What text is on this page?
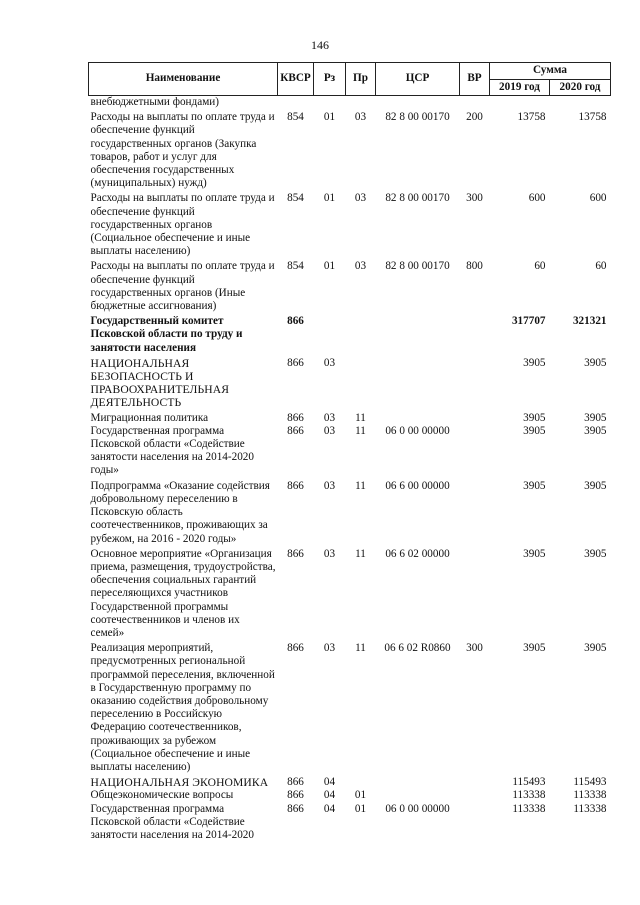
146
Наименование	КВСР	Рз	Пр	ЦСР	ВР	Сумма	
						2019 год	2020 год
внебюджетными фондами)							
Расходы на выплаты по оплате труда и обеспечение функций государственных органов (Закупка товаров, работ и услуг для обеспечения государственных (муниципальных) нужд)	854	01	03	82 8 00 00170	200	13758	13758
Расходы на выплаты по оплате труда и обеспечение функций государственных органов (Социальное обеспечение и иные выплаты населению)	854	01	03	82 8 00 00170	300	600	600
Расходы на выплаты по оплате труда и обеспечение функций государственных органов (Иные бюджетные ассигнования)	854	01	03	82 8 00 00170	800	60	60
Государственный комитет Псковской области по труду и занятости населения	866					317707	321321
НАЦИОНАЛЬНАЯ БЕЗОПАСНОСТЬ И ПРАВООХРАНИТЕЛЬНАЯ ДЕЯТЕЛЬНОСТЬ	866	03				3905	3905
Миграционная политика	866	03	11			3905	3905
Государственная программа Псковской области «Содействие занятости населения на 2014-2020 годы»	866	03	11	06 0 00 00000		3905	3905
Подпрограмма «Оказание содействия добровольному переселению в Псковскую область соотечественников, проживающих за рубежом, на 2016 - 2020 годы»	866	03	11	06 6 00 00000		3905	3905
Основное мероприятие «Организация приема, размещения, трудоустройства, обеспечения социальных гарантий переселяющихся участников Государственной программы соотечественников и членов их семей»	866	03	11	06 6 02 00000		3905	3905
Реализация мероприятий, предусмотренных региональной программой переселения, включенной в Государственную программу по оказанию содействия добровольному переселению в Российскую Федерацию соотечественников, проживающих за рубежом (Социальное обеспечение и иные выплаты населению)	866	03	11	06 6 02 R0860	300	3905	3905
НАЦИОНАЛЬНАЯ ЭКОНОМИКА	866	04				115493	115493
Общеэкономические вопросы	866	04	01			113338	113338
Государственная программа Псковской области «Содействие занятости населения на 2014-2020	866	04	01	06 0 00 00000		113338	113338
